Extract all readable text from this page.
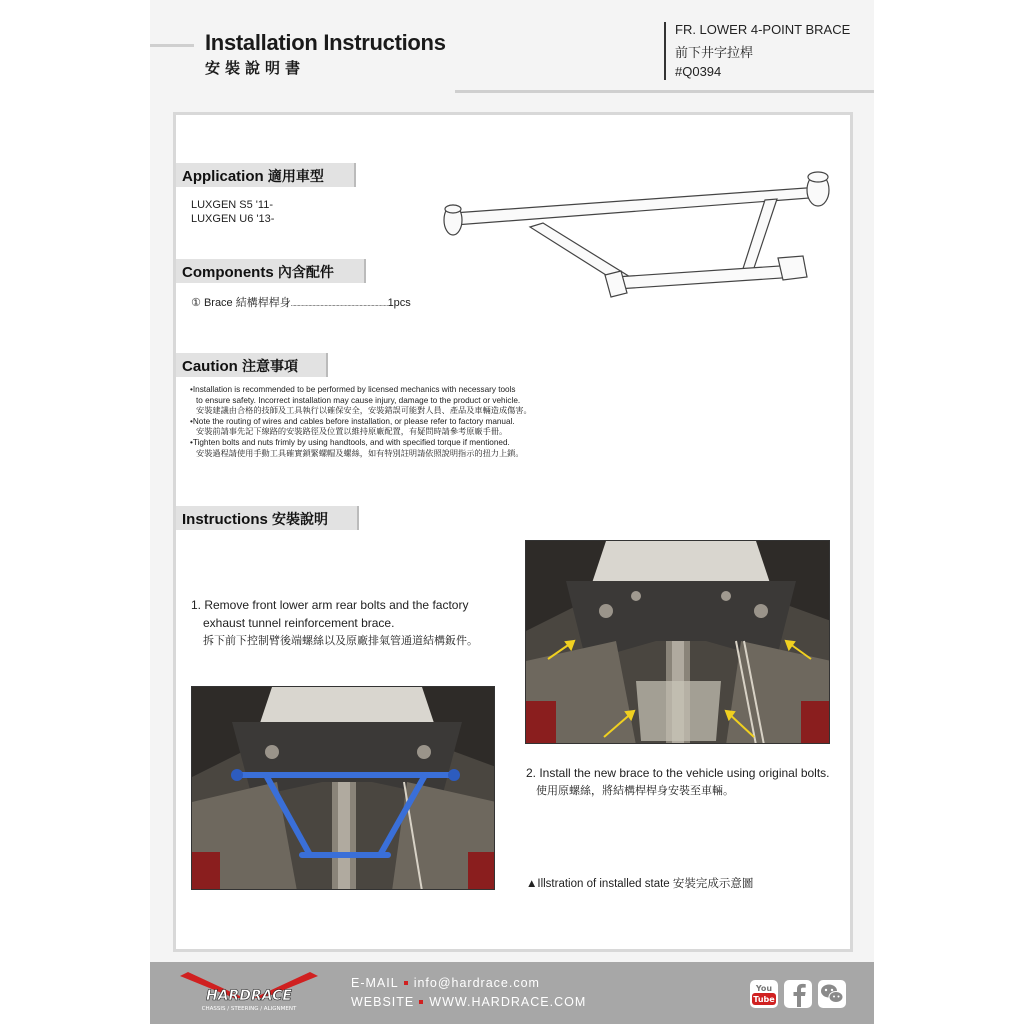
Installation Instructions
安裝說明書
FR. LOWER 4-POINT BRACE
前下井字拉桿
#Q0394
Application 適用車型
LUXGEN S5 '11-
LUXGEN U6 '13-
Components 內含配件
① Brace 結構桿桿身........................................................................1pcs
Caution 注意事項
•Installation is recommended to be performed by licensed mechanics with necessary tools
to ensure safety. Incorrect installation may cause injury, damage to the product or vehicle.
安裝建議由合格的技師及工具執行以確保安全，安裝錯誤可能對人員、產品及車輛造成傷害。
•Note the routing of wires and cables before installation, or please refer to factory manual.
安裝前請事先記下線路的安裝路徑及位置以維持原廠配置，有疑問時請參考原廠手冊。
•Tighten bolts and nuts frimly by using handtools, and with specified torque if mentioned.
安裝過程請使用手動工具確實鎖緊螺帽及螺絲，如有特別註明請依照說明指示的扭力上鎖。
Instructions 安裝說明
1. Remove front lower arm rear bolts and the factory
exhaust tunnel reinforcement brace.
拆下前下控制臂後端螺絲以及原廠排氣管通道結構鈑件。
2. Install the new brace to the vehicle using original bolts.
使用原螺絲，將結構桿桿身安裝至車輛。
▲Illstration of installed state 安裝完成示意圖
HARDRACE
CHASSIS / STEERING / ALIGNMENT
E-MAIL info@hardrace.com
WEBSITE WWW.HARDRACE.COM
You
Tube
